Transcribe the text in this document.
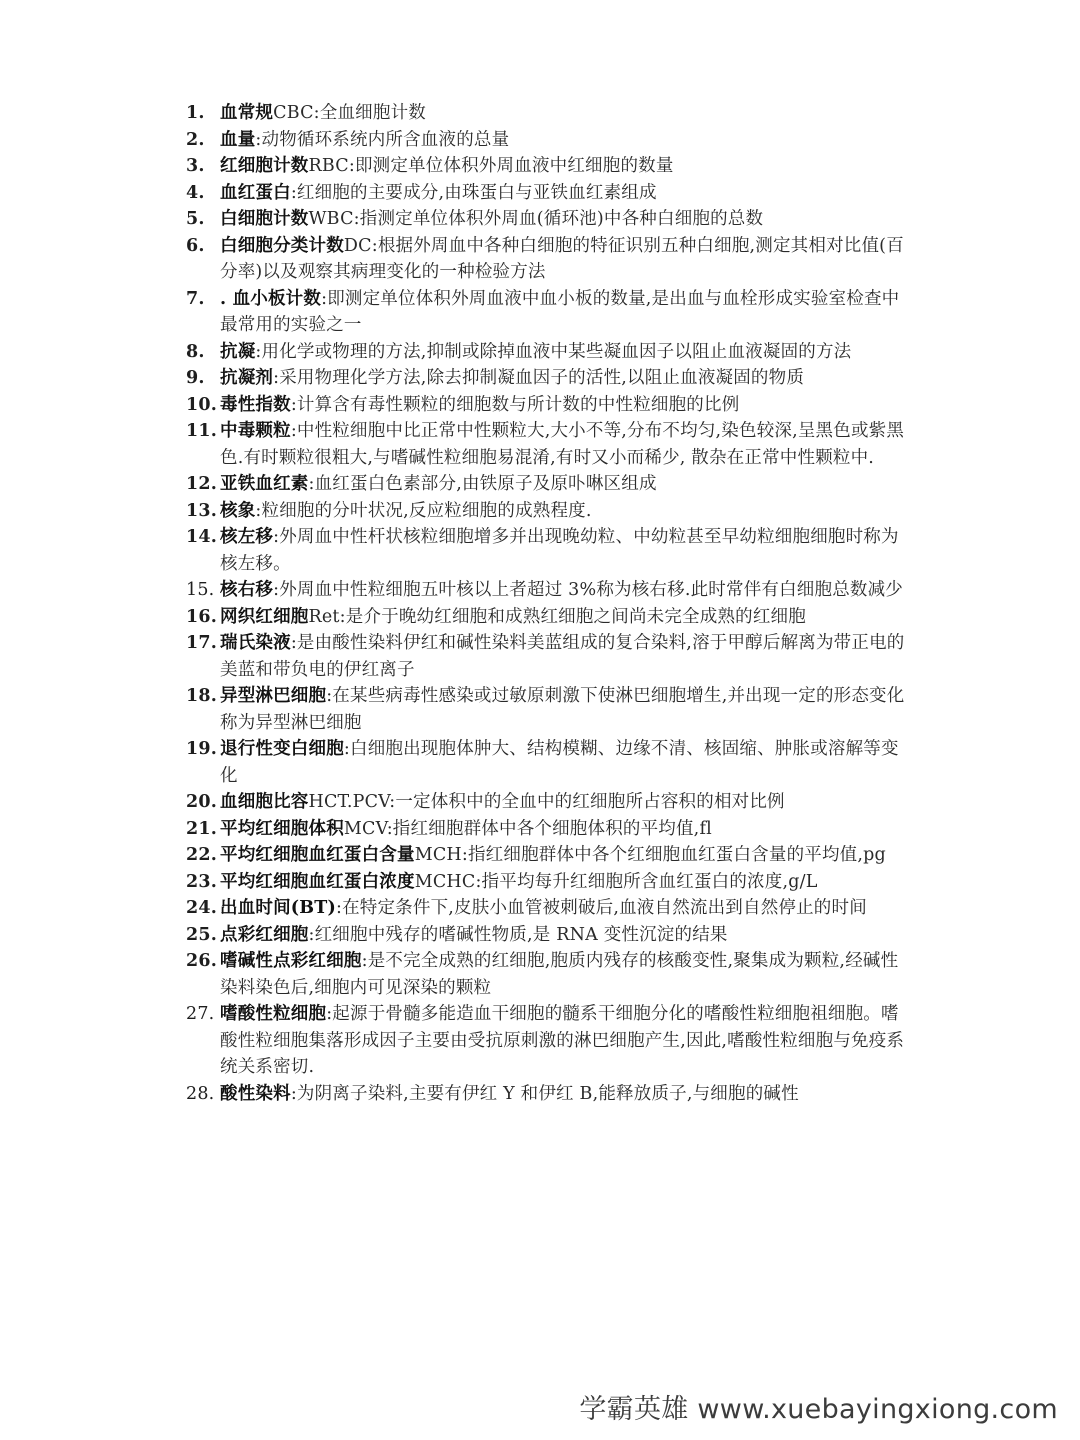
1. 血常规CBC:全血细胞计数
2. 血量:动物循环系统内所含血液的总量
3. 红细胞计数RBC:即测定单位体积外周血液中红细胞的数量
4. 血红蛋白:红细胞的主要成分,由珠蛋白与亚铁血红素组成
5. 白细胞计数WBC:指测定单位体积外周血(循环池)中各种白细胞的总数
6. 白细胞分类计数DC:根据外周血中各种白细胞的特征识别五种白细胞,测定其相对比值(百分率)以及观察其病理变化的一种检验方法
7. . 血小板计数:即测定单位体积外周血液中血小板的数量,是出血与血栓形成实验室检查中最常用的实验之一
8. 抗凝:用化学或物理的方法,抑制或除掉血液中某些凝血因子以阻止血液凝固的方法
9. 抗凝剂:采用物理化学方法,除去抑制凝血因子的活性,以阻止血液凝固的物质
10. 毒性指数:计算含有毒性颗粒的细胞数与所计数的中性粒细胞的比例
11. 中毒颗粒:中性粒细胞中比正常中性颗粒大,大小不等,分布不均匀,染色较深,呈黑色或紫黑色.有时颗粒很粗大,与嗜碱性粒细胞易混淆,有时又小而稀少, 散杂在正常中性颗粒中.
12. 亚铁血红素:血红蛋白色素部分,由铁原子及原卟啉区组成
13. 核象:粒细胞的分叶状况,反应粒细胞的成熟程度.
14. 核左移:外周血中性杆状核粒细胞增多并出现晚幼粒、中幼粒甚至早幼粒细胞细胞时称为核左移。
15. 核右移:外周血中性粒细胞五叶核以上者超过 3%称为核右移.此时常伴有白细胞总数减少
16. 网织红细胞Ret:是介于晚幼红细胞和成熟红细胞之间尚未完全成熟的红细胞
17. 瑞氏染液:是由酸性染料伊红和碱性染料美蓝组成的复合染料,溶于甲醇后解离为带正电的美蓝和带负电的伊红离子
18. 异型淋巴细胞:在某些病毒性感染或过敏原刺激下使淋巴细胞增生,并出现一定的形态变化称为异型淋巴细胞
19. 退行性变白细胞:白细胞出现胞体肿大、结构模糊、边缘不清、核固缩、肿胀或溶解等变化
20. 血细胞比容HCT.PCV:一定体积中的全血中的红细胞所占容积的相对比例
21. 平均红细胞体积MCV:指红细胞群体中各个细胞体积的平均值,fl
22. 平均红细胞血红蛋白含量MCH:指红细胞群体中各个红细胞血红蛋白含量的平均值,pg
23. 平均红细胞血红蛋白浓度MCHC:指平均每升红细胞所含血红蛋白的浓度,g/L
24. 出血时间(BT):在特定条件下,皮肤小血管被刺破后,血液自然流出到自然停止的时间
25. 点彩红细胞:红细胞中残存的嗜碱性物质,是 RNA 变性沉淀的结果
26. 嗜碱性点彩红细胞:是不完全成熟的红细胞,胞质内残存的核酸变性,聚集成为颗粒,经碱性染料染色后,细胞内可见深染的颗粒
27. 嗜酸性粒细胞:起源于骨髓多能造血干细胞的髓系干细胞分化的嗜酸性粒细胞祖细胞。嗜酸性粒细胞集落形成因子主要由受抗原刺激的淋巴细胞产生,因此,嗜酸性粒细胞与免疫系统关系密切.
28. 酸性染料:为阴离子染料,主要有伊红 Y 和伊红 B,能释放质子,与细胞的碱性
学霸英雄 www.xuebayingxiong.com
